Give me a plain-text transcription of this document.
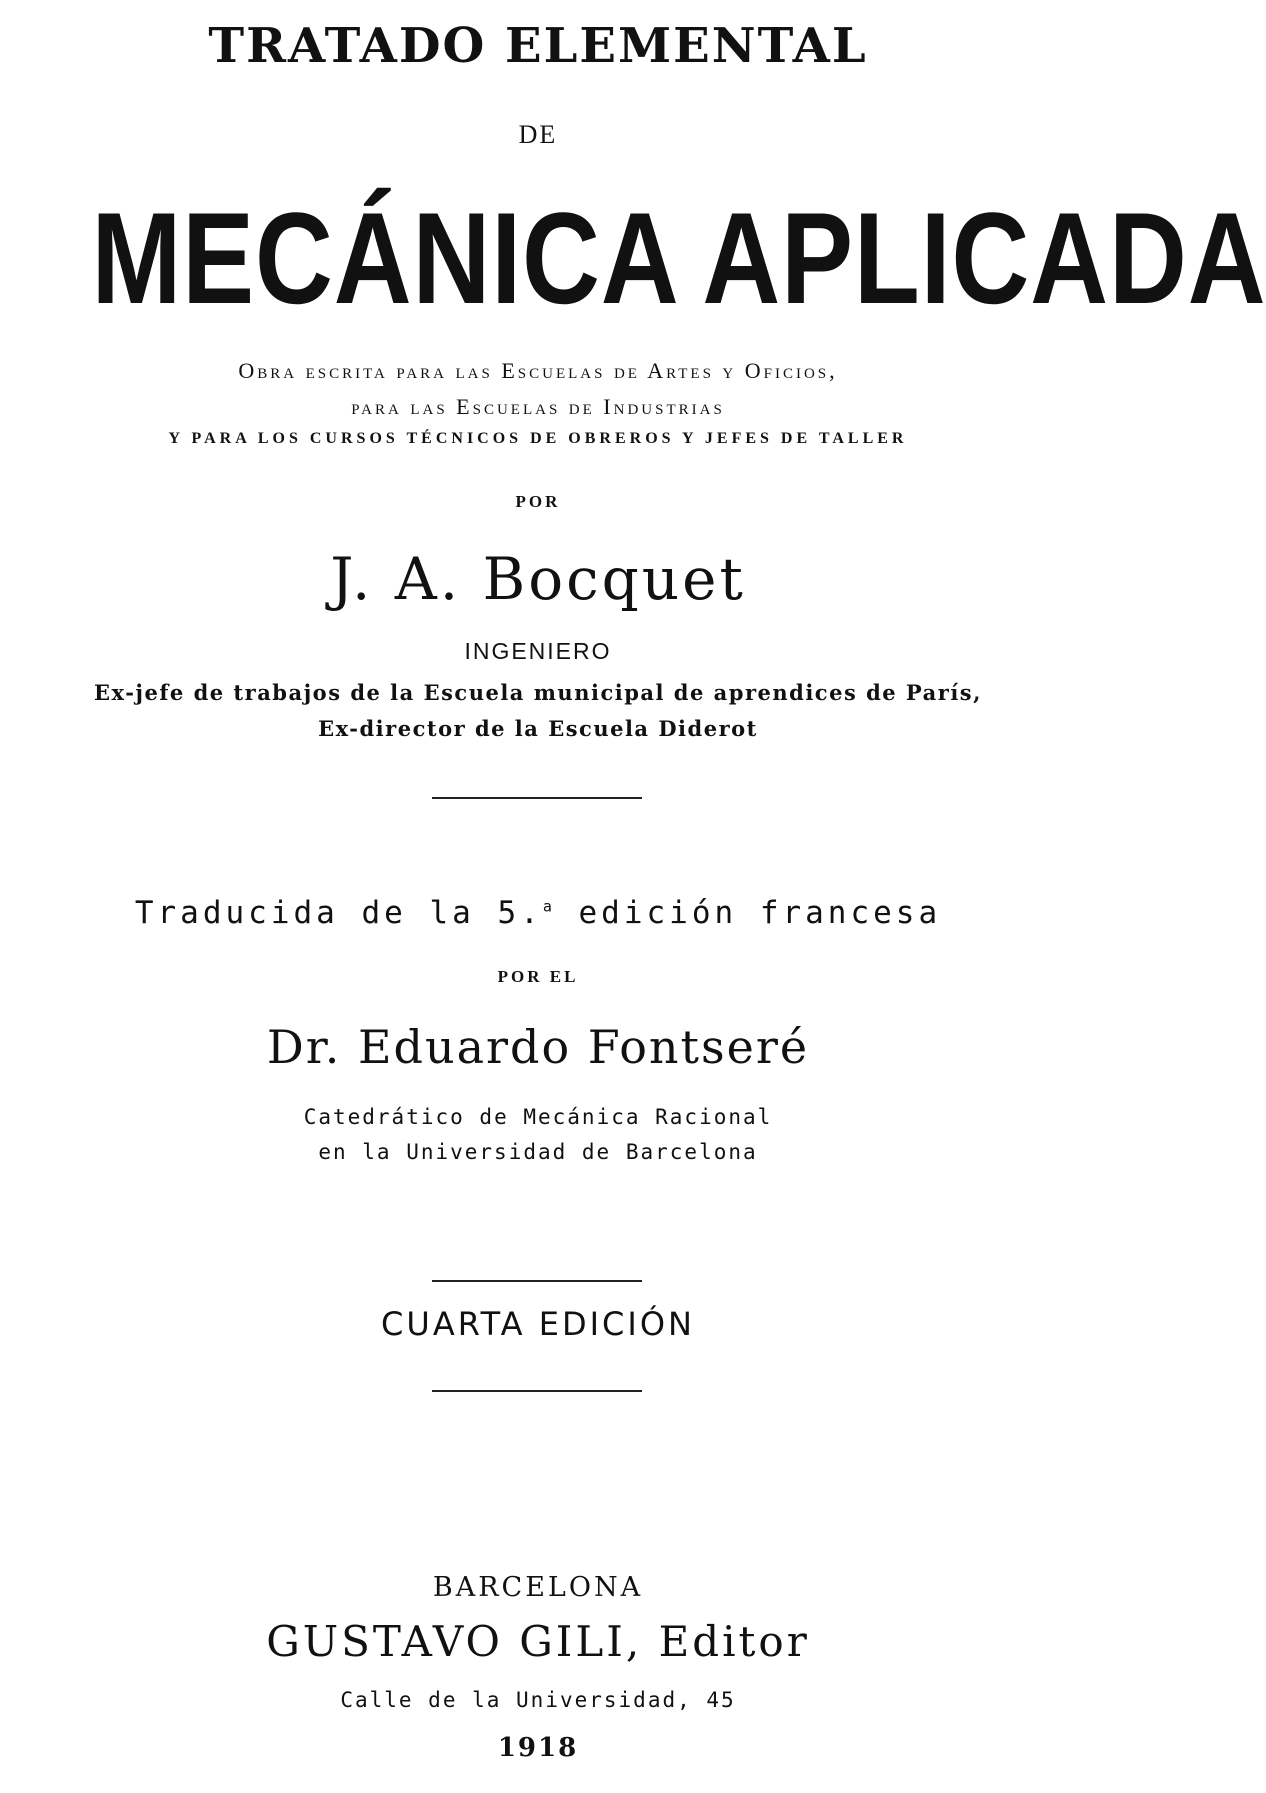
TRATADO ELEMENTAL

DE

MECÁNICA APLICADA

Obra escrita para las Escuelas de Artes y Oficios,

para las Escuelas de Industrias

Y PARA LOS CURSOS TÉCNICOS DE OBREROS Y JEFES DE TALLER

POR

J. A. Bocquet

INGENIERO

Ex-jefe de trabajos de la Escuela municipal de aprendices de París,

Ex-director de la Escuela Diderot

Traducida de la 5.$^a$ edición francesa

POR EL

Dr. Eduardo Fontseré

Catedrático de Mecánica Racional

en la Universidad de Barcelona

CUARTA EDICIÓN

BARCELONA

GUSTAVO GILI, Editor

Calle de la Universidad, 45

1918
